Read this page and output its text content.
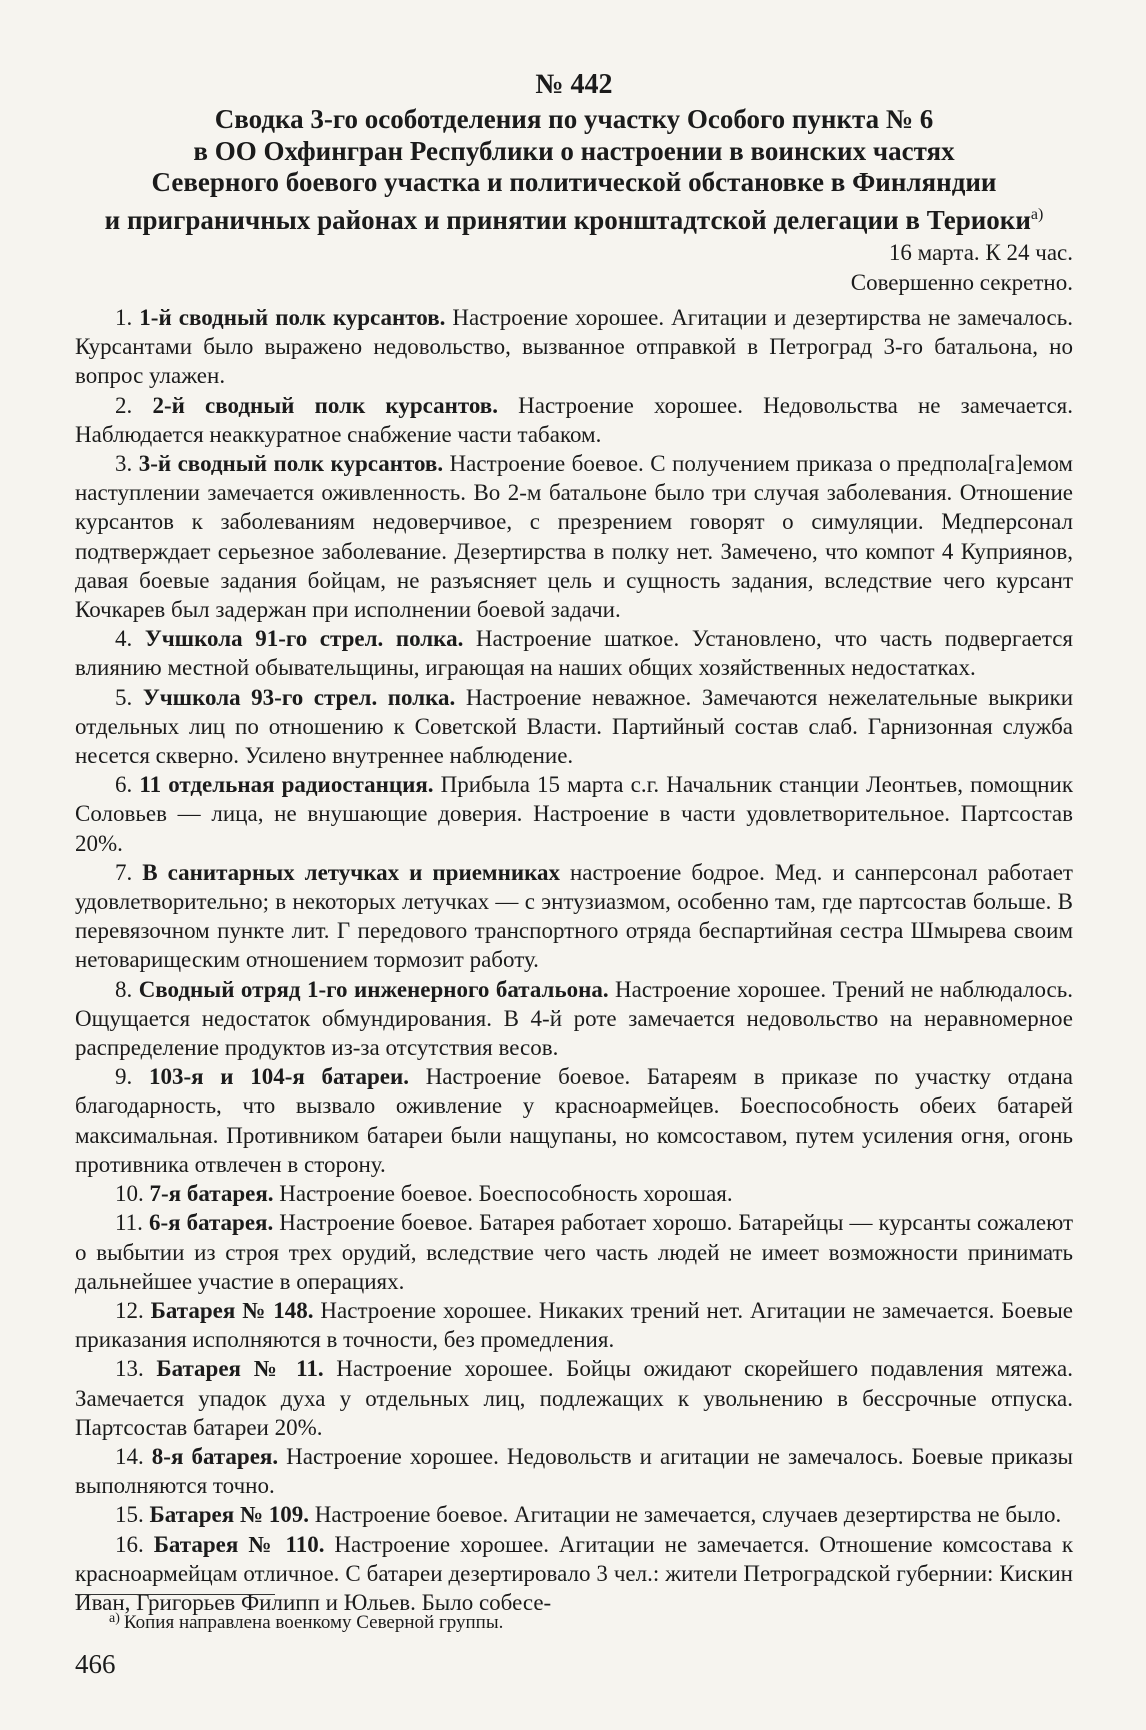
№ 442
Сводка 3-го особотделения по участку Особого пункта № 6
в ОО Охфингран Республики о настроении в воинских частях
Северного боевого участка и политической обстановке в Финляндии
и приграничных районах и принятии кронштадтской делегации в Териоки$^{а)}$
16 марта. К 24 час.
Совершенно секретно.

1. 1-й сводный полк курсантов. Настроение хорошее. Агитации и дезертирства не замечалось. Курсантами было выражено недовольство, вызванное отправкой в Петроград 3-го батальона, но вопрос улажен.

2. 2-й сводный полк курсантов. Настроение хорошее. Недовольства не замечается. Наблюдается неаккуратное снабжение части табаком.

3. 3-й сводный полк курсантов. Настроение боевое. С получением приказа о предпола[га]емом наступлении замечается оживленность. Во 2-м батальоне было три случая заболевания. Отношение курсантов к заболеваниям недоверчивое, с презрением говорят о симуляции. Медперсонал подтверждает серьезное заболевание. Дезертирства в полку нет. Замечено, что компот 4 Куприянов, давая боевые задания бойцам, не разъясняет цель и сущность задания, вследствие чего курсант Кочкарев был задержан при исполнении боевой задачи.

4. Учшкола 91-го стрел. полка. Настроение шаткое. Установлено, что часть подвергается влиянию местной обывательщины, играющая на наших общих хозяйственных недостатках.

5. Учшкола 93-го стрел. полка. Настроение неважное. Замечаются нежелательные выкрики отдельных лиц по отношению к Советской Власти. Партийный состав слаб. Гарнизонная служба несется скверно. Усилено внутреннее наблюдение.

6. 11 отдельная радиостанция. Прибыла 15 марта с.г. Начальник станции Леонтьев, помощник Соловьев — лица, не внушающие доверия. Настроение в части удовлетворительное. Партсостав 20%.

7. В санитарных летучках и приемниках настроение бодрое. Мед. и санперсонал работает удовлетворительно; в некоторых летучках — с энтузиазмом, особенно там, где партсостав больше. В перевязочном пункте лит. Г передового транспортного отряда беспартийная сестра Шмырева своим нетоварищеским отношением тормозит работу.

8. Сводный отряд 1-го инженерного батальона. Настроение хорошее. Трений не наблюдалось. Ощущается недостаток обмундирования. В 4-й роте замечается недовольство на неравномерное распределение продуктов из-за отсутствия весов.

9. 103-я и 104-я батареи. Настроение боевое. Батареям в приказе по участку отдана благодарность, что вызвало оживление у красноармейцев. Боеспособность обеих батарей максимальная. Противником батареи были нащупаны, но комсоставом, путем усиления огня, огонь противника отвлечен в сторону.

10. 7-я батарея. Настроение боевое. Боеспособность хорошая.

11. 6-я батарея. Настроение боевое. Батарея работает хорошо. Батарейцы — курсанты сожалеют о выбытии из строя трех орудий, вследствие чего часть людей не имеет возможности принимать дальнейшее участие в операциях.

12. Батарея № 148. Настроение хорошее. Никаких трений нет. Агитации не замечается. Боевые приказания исполняются в точности, без промедления.

13. Батарея № 11. Настроение хорошее. Бойцы ожидают скорейшего подавления мятежа. Замечается упадок духа у отдельных лиц, подлежащих к увольнению в бессрочные отпуска. Партсостав батареи 20%.

14. 8-я батарея. Настроение хорошее. Недовольств и агитации не замечалось. Боевые приказы выполняются точно.

15. Батарея № 109. Настроение боевое. Агитации не замечается, случаев дезертирства не было.

16. Батарея № 110. Настроение хорошее. Агитации не замечается. Отношение комсостава к красноармейцам отличное. С батареи дезертировало 3 чел.: жители Петроградской губернии: Кискин Иван, Григорьев Филипп и Юльев. Было собесе-

$^{а)}$ Копия направлена военкому Северной группы.
466
